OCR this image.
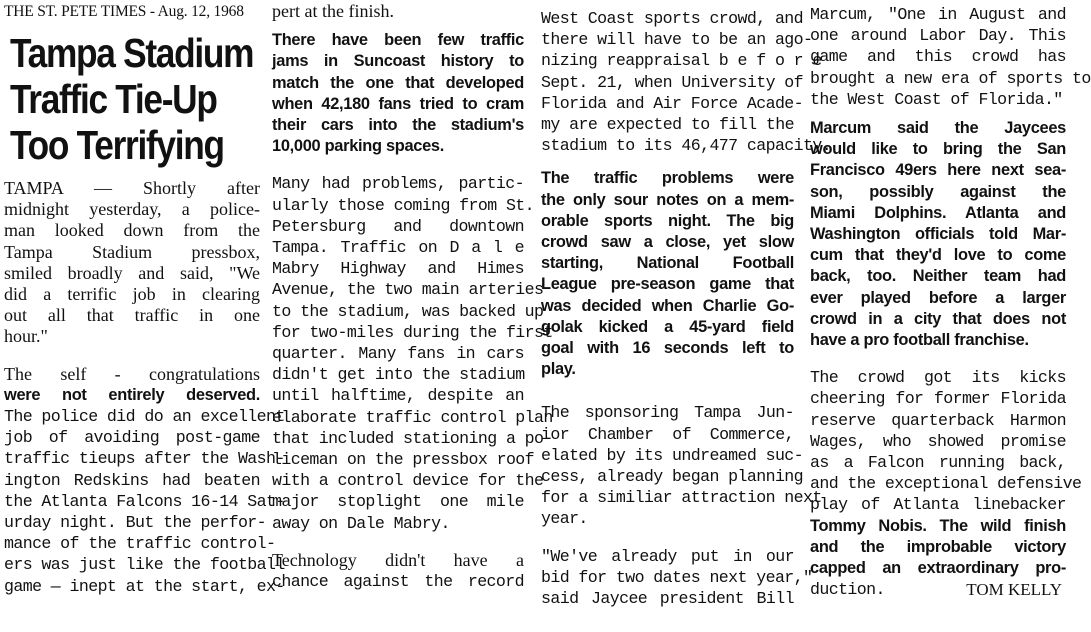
THE ST. PETE TIMES - Aug. 12, 1968
Tampa Stadium
Traffic Tie-Up
Too Terrifying
TAMPA — Shortly after
midnight yesterday, a police-
man looked down from the
Tampa Stadium pressbox,
smiled broadly and said, "We
did a terrific job in clearing
out all that traffic in one
hour."
The self - congratulations
were not entirely deserved.
The police did do an excellent
job of avoiding post-game
traffic tieups after the Wash-
ington Redskins had beaten
the Atlanta Falcons 16-14 Sat-
urday night. But the perfor-
mance of the traffic control-
ers was just like the football
game — inept at the start, ex-
pert at the finish.
There have been few traffic
jams in Suncoast history to
match the one that developed
when 42,180 fans tried to cram
their cars into the stadium's
10,000 parking spaces.
Many had problems, partic-
ularly those coming from St.
Petersburg and downtown
Tampa. Traffic on D a l e
Mabry Highway and Himes
Avenue, the two main arteries
to the stadium, was backed up
for two-miles during the first
quarter. Many fans in cars
didn't get into the stadium
until halftime, despite an
elaborate traffic control plan
that included stationing a po-
liceman on the pressbox roof
with a control device for the
major stoplight one mile
away on Dale Mabry.
Technology didn't have a
chance against the record
West Coast sports crowd, and
there will have to be an ago-
nizing reappraisal b e f o r e
Sept. 21, when University of
Florida and Air Force Acade-
my are expected to fill the
stadium to its 46,477 capacity.
The traffic problems were
the only sour notes on a mem-
orable sports night. The big
crowd saw a close, yet slow
starting, National Football
League pre-season game that
was decided when Charlie Go-
golak kicked a 45-yard field
goal with 16 seconds left to
play.
The sponsoring Tampa Jun-
ior Chamber of Commerce,
elated by its undreamed suc-
cess, already began planning
for a similiar attraction next
year.
"We've already put in our
bid for two dates next year,"
said Jaycee president Bill
Marcum, "One in August and
one around Labor Day. This
game and this crowd has
brought a new era of sports to
the West Coast of Florida."
Marcum said the Jaycees
would like to bring the San
Francisco 49ers here next sea-
son, possibly against the
Miami Dolphins. Atlanta and
Washington officials told Mar-
cum that they'd love to come
back, too. Neither team had
ever played before a larger
crowd in a city that does not
have a pro football franchise.
The crowd got its kicks
cheering for former Florida
reserve quarterback Harmon
Wages, who showed promise
as a Falcon running back,
and the exceptional defensive
play of Atlanta linebacker
Tommy Nobis. The wild finish
and the improbable victory
capped an extraordinary pro-
duction.	TOM KELLY
